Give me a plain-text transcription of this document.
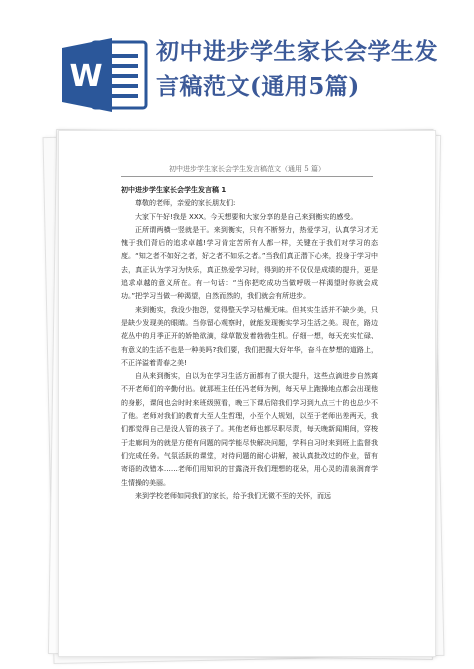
W
初中进步学生家长会学生发言稿范文(通用5篇)
初中进步学生家长会学生发言稿范文（通用 5 篇）
初中进步学生家长会学生发言稿 1

尊敬的老师，亲爱的家长朋友们:

大家下午好!我是 XXX。今天想要和大家分享的是自己来到衡实的感受。

正所谓两横一竖就是干。来到衡实，只有不断努力，热爱学习，认真学习才无愧于我们背后的追求卓越!学习肯定苦所有人都一样，关键在于我们对学习的态度。“知之者不如好之者，好之者不如乐之者。”当我们真正潜下心来，投身于学习中去，真正认为学习为快乐，真正热爱学习时，得到的并不仅仅是成绩的提升，更是追求卓越的意义所在。有一句话：“当你把吃成功当做呼吸一样渴望时你就会成功。”把学习当做一种渴望，自然而然的，我们就会有所进步。

来到衡实，我没少抱怨，觉得整天学习枯燥无味。但其实生活并不缺少美，只是缺少发现美的眼睛。当你留心观察时，就能发现衡实学习生活之美。现在，路边花丛中的月季正开的娇艳欲滴，绿草散发着勃勃生机。仔细一想，每天充实忙碌、有意义的生活不也是一种美吗?我们要，我们把握大好年华，奋斗在梦想的道路上，不正洋溢着青春之美!

自从来到衡实，自以为在学习生活方面都有了很大提升，这些点滴进步自然离不开老师们的辛勤付出。就那班主任任冯老师为例，每天早上跑操地点都会出现他的身影，课间也会时时来班级照看，晚三下课后陪我们学习到九点三十的也总少不了他。老师对我们的教育大至人生哲理，小至个人规划，以至于老师出差两天，我们都觉得自己是没人管的孩子了。其他老师也都尽职尽责，每天晚新闻期间，穿梭于走廊间为的就是方便有问题的同学能尽快解决问题，学科自习时来到班上监督我们完成任务。气氛活跃的课堂，对待问题的耐心讲解，被认真批改过的作业，留有寄语的改错本……老师们用知识的甘露浇开我们理想的花朵，用心灵的清泉润育学生情操的美丽。

来到学校老师如同我们的家长，给予我们无微不至的关怀，而远
